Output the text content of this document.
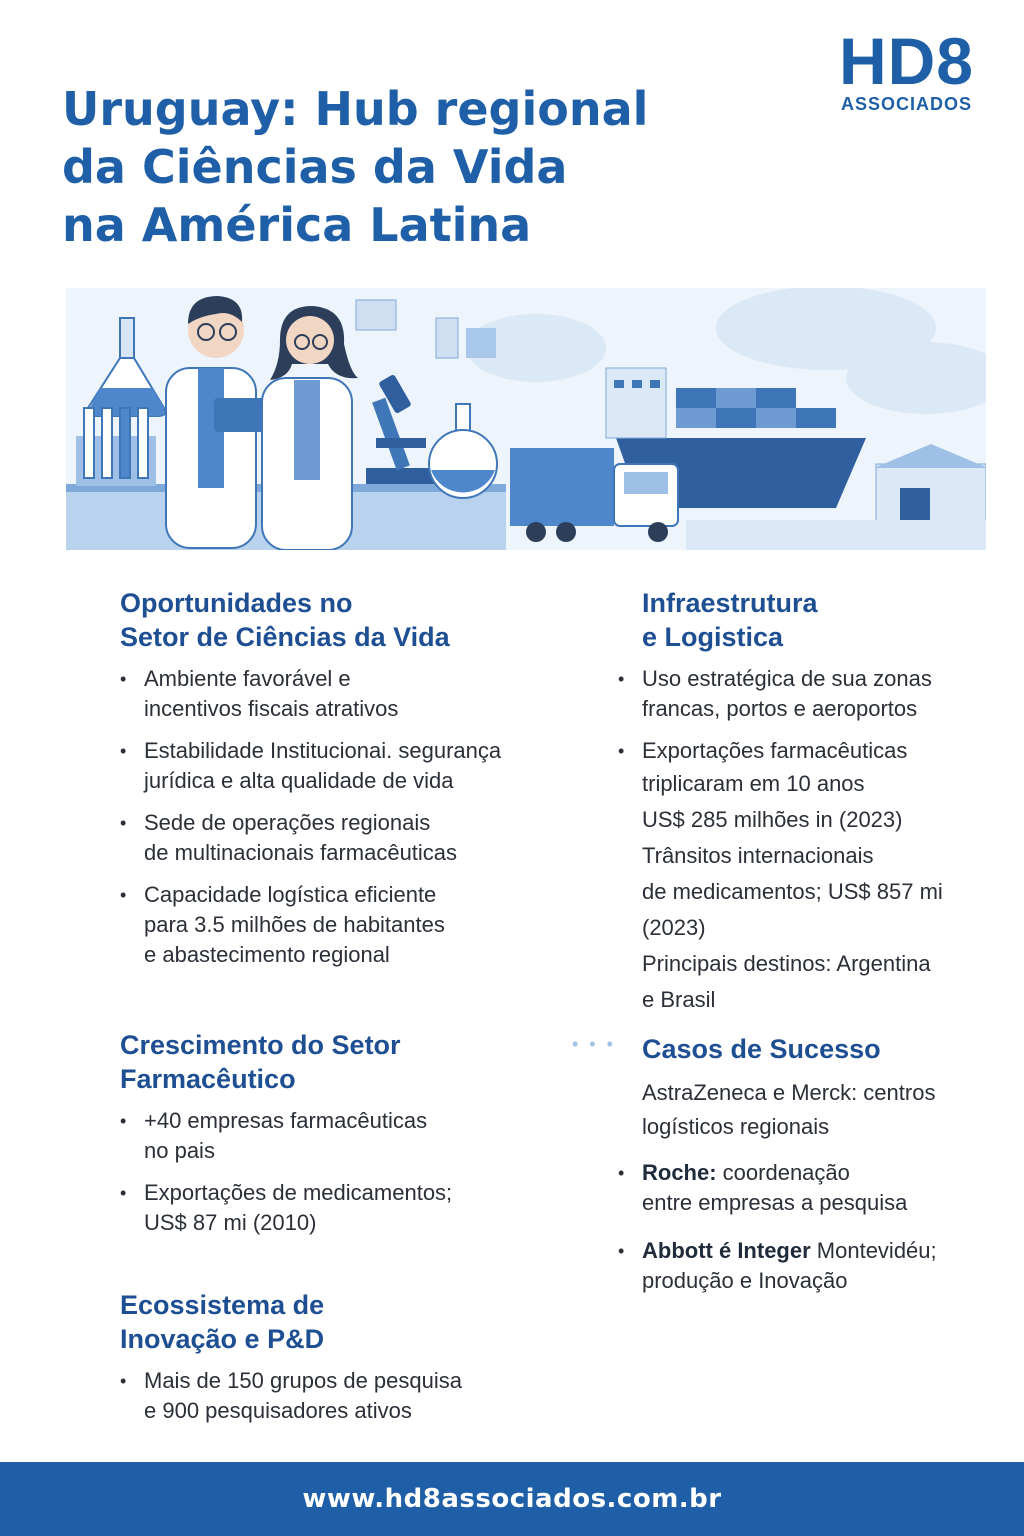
HD8
ASSOCIADOS
Uruguay: Hub regional
da Ciências da Vida
na América Latina
Oportunidades no
Setor de Ciências da Vida
• Ambiente favorável e
incentivos fiscais atrativos
• Estabilidade Institucionai. segurança
jurídica e alta qualidade de vida
• Sede de operações regionais
de multinacionais farmacêuticas
• Capacidade logística eficiente
para 3.5 milhões de habitantes
e abastecimento regional
Crescimento do Setor
Farmacêutico
• +40 empresas farmacêuticas
no pais
• Exportações de medicamentos;
US$ 87 mi (2010)
Ecossistema de
Inovação e P&D
• Mais de 150 grupos de pesquisa
e 900 pesquisadores ativos
• • •
Infraestrutura
e Logistica
• Uso estratégica de sua zonas
francas, portos e aeroportos
• Exportações farmacêuticas

triplicaram em 10 anos

US$ 285 milhões in (2023)

Trânsitos internacionais

de medicamentos; US$ 857 mi

(2023)

Principais destinos: Argentina

e Brasil

Casos de Sucesso

AstraZeneca e Merck: centros
logísticos regionais

• Roche: coordenação
entre empresas a pesquisa
• Abbott é Integer Montevidéu;
produção e Inovação
www.hd8associados.com.br
